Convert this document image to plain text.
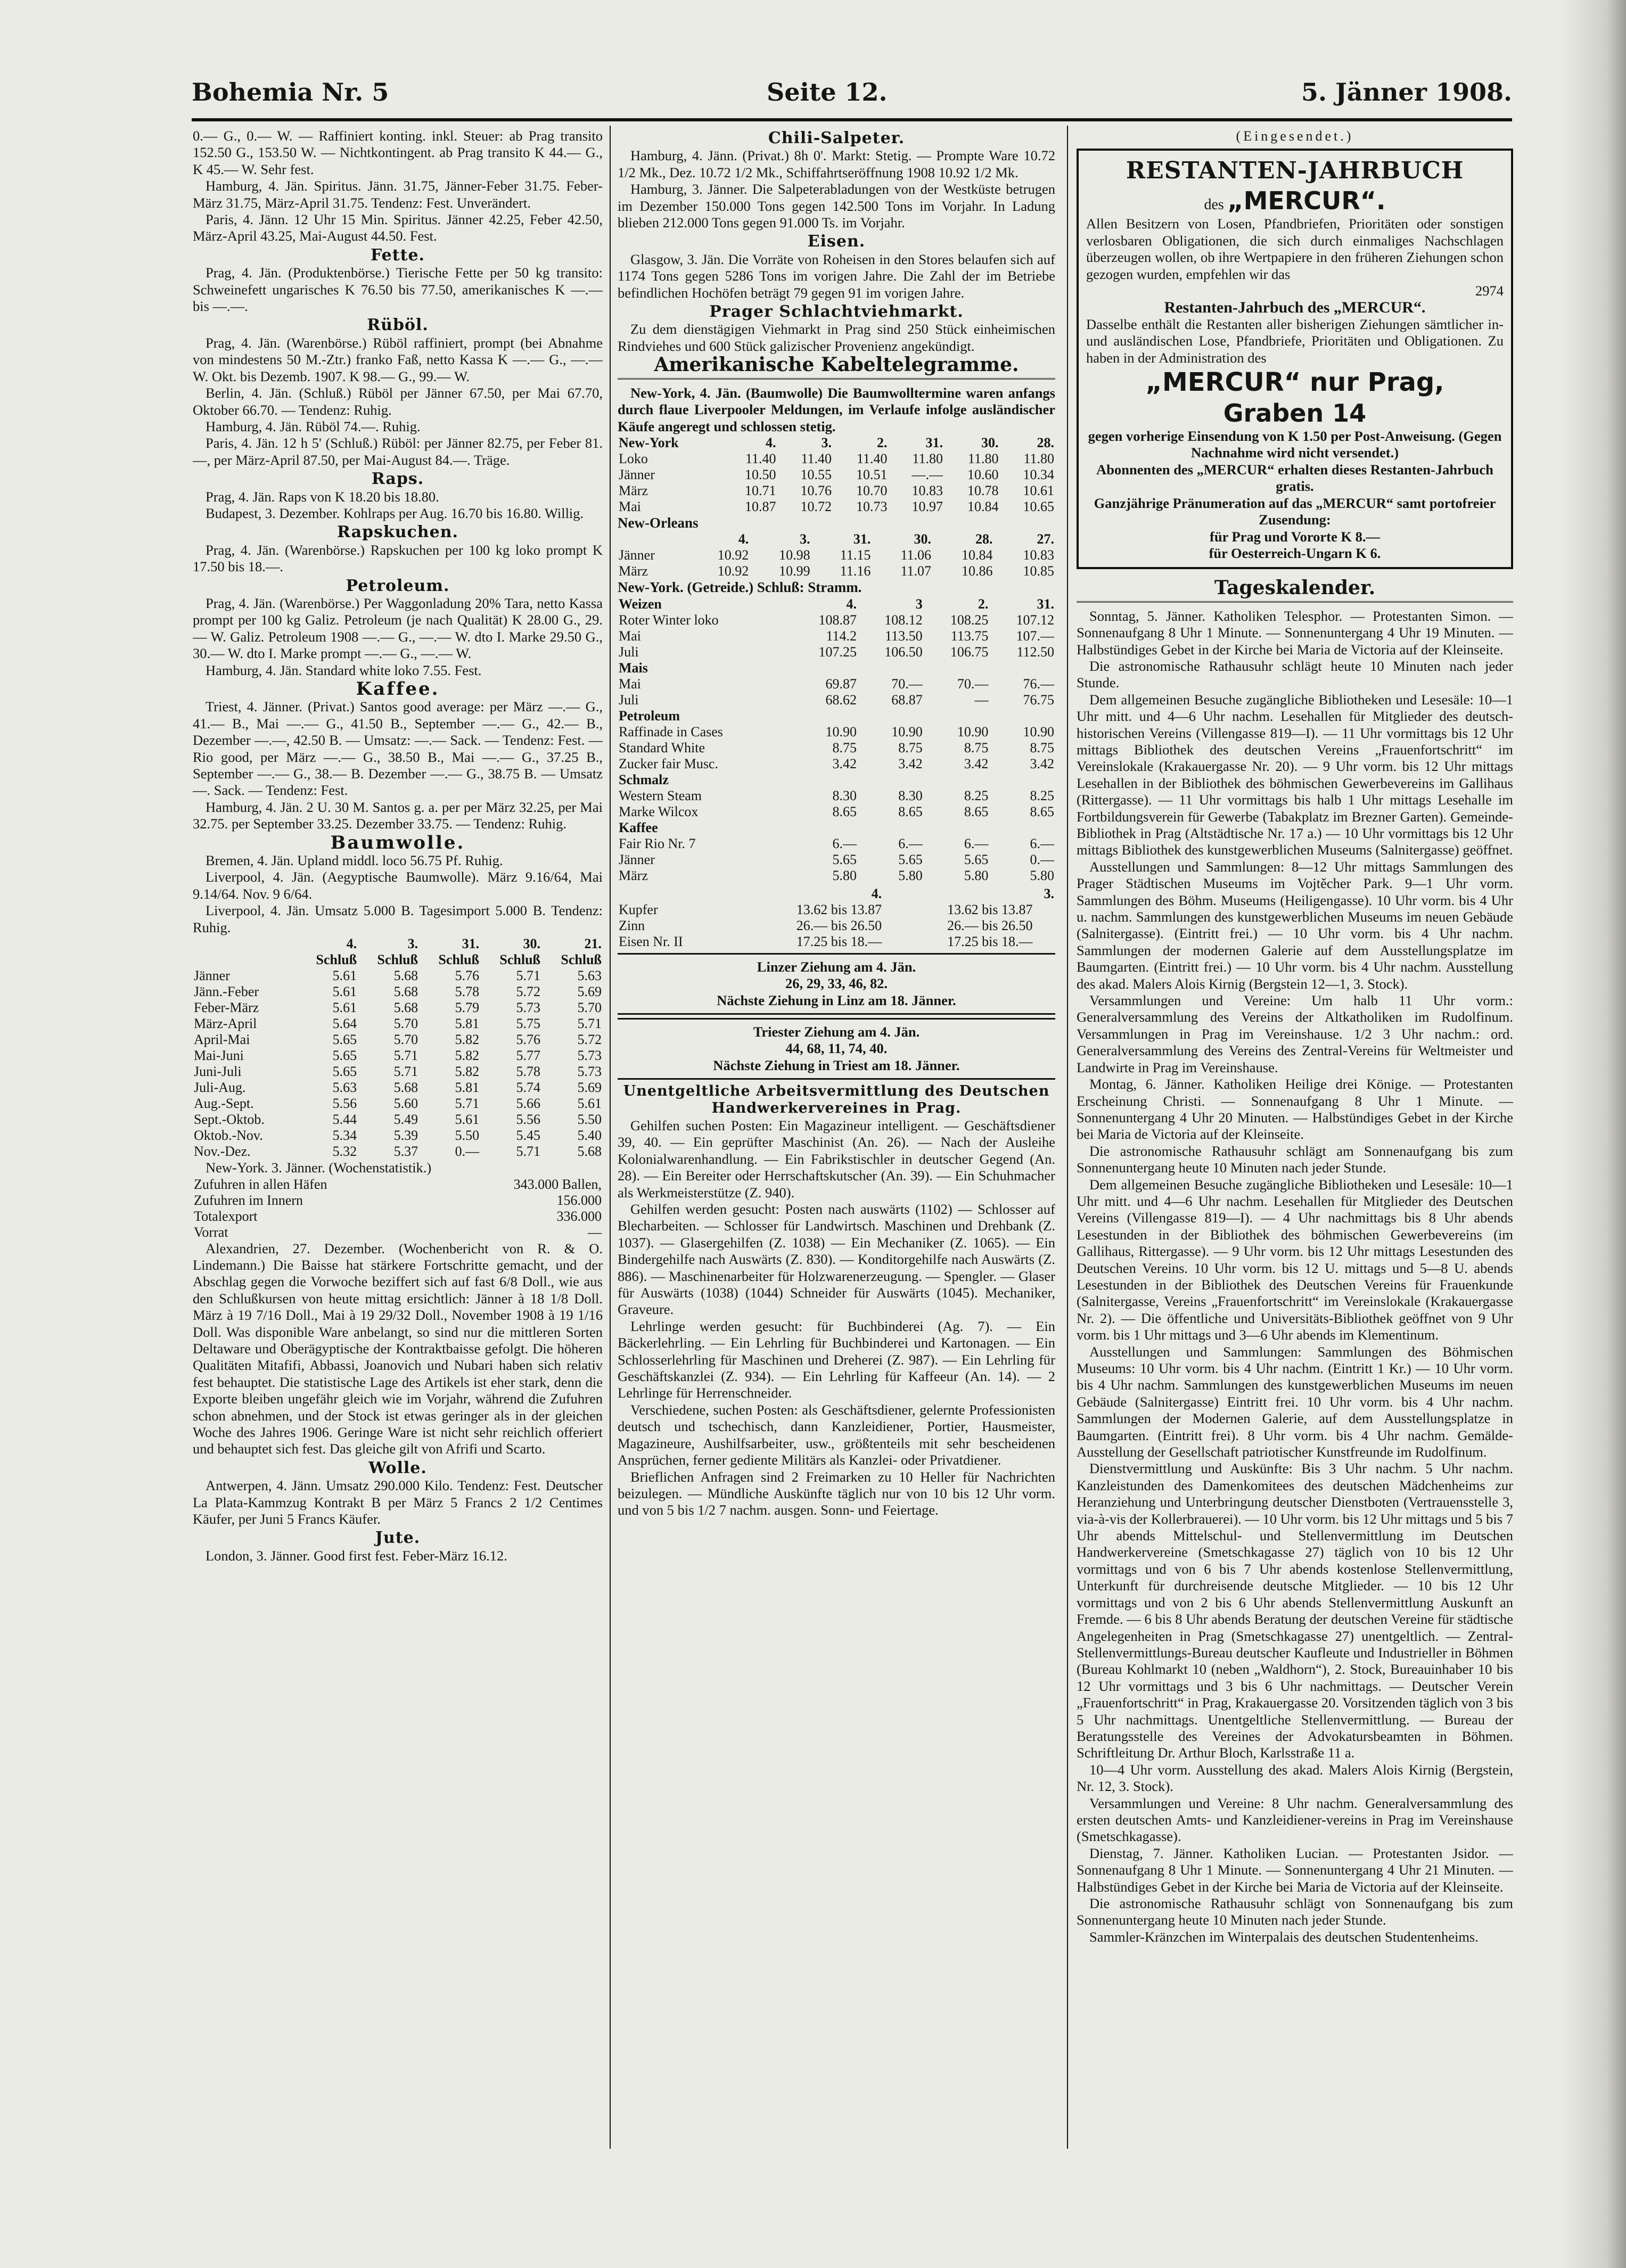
Bohemia Nr. 5	Seite 12.	5. Jänner 1908.

0.— G., 0.— W. — Raffiniert konting. inkl. Steuer: ab Prag transito 152.50 G., 153.50 W. — Nichtkontingent. ab Prag transito K 44.— G., K 45.— W. Sehr fest.

Hamburg, 4. Jän. Spiritus. Jänn. 31.75, Jänner-Feber 31.75. Feber-März 31.75, März-April 31.75. Tendenz: Fest. Unverändert.

Paris, 4. Jänn. 12 Uhr 15 Min. Spiritus. Jänner 42.25, Feber 42.50, März-April 43.25, Mai-August 44.50. Fest.

Fette.

Prag, 4. Jän. (Produktenbörse.) Tierische Fette per 50 kg transito: Schweinefett ungarisches K 76.50 bis 77.50, amerikanisches K —.— bis —.—.

Rüböl.

Prag, 4. Jän. (Warenbörse.) Rüböl raffiniert, prompt (bei Abnahme von mindestens 50 M.-Ztr.) franko Faß, netto Kassa K —.— G., —.— W. Okt. bis Dezemb. 1907. K 98.— G., 99.— W.

Berlin, 4. Jän. (Schluß.) Rüböl per Jänner 67.50, per Mai 67.70, Oktober 66.70. — Tendenz: Ruhig.

Hamburg, 4. Jän. Rüböl 74.—. Ruhig.

Paris, 4. Jän. 12 h 5' (Schluß.) Rüböl: per Jänner 82.75, per Feber 81.—, per März-April 87.50, per Mai-August 84.—. Träge.

Raps.

Prag, 4. Jän. Raps von K 18.20 bis 18.80.

Budapest, 3. Dezember. Kohlraps per Aug. 16.70 bis 16.80. Willig.

Rapskuchen.

Prag, 4. Jän. (Warenbörse.) Rapskuchen per 100 kg loko prompt K 17.50 bis 18.—.

Petroleum.

Prag, 4. Jän. (Warenbörse.) Per Waggonladung 20% Tara, netto Kassa prompt per 100 kg Galiz. Petroleum (je nach Qualität) K 28.00 G., 29.— W. Galiz. Petroleum 1908 —.— G., —.— W. dto I. Marke 29.50 G., 30.— W. dto I. Marke prompt —.— G., —.— W.

Hamburg, 4. Jän. Standard white loko 7.55. Fest.

Kaffee.

Triest, 4. Jänner. (Privat.) Santos good average: per März —.— G., 41.— B., Mai —.— G., 41.50 B., September —.— G., 42.— B., Dezember —.—, 42.50 B. — Umsatz: —.— Sack. — Tendenz: Fest. — Rio good, per März —.— G., 38.50 B., Mai —.— G., 37.25 B., September —.— G., 38.— B. Dezember —.— G., 38.75 B. — Umsatz —. Sack. — Tendenz: Fest.

Hamburg, 4. Jän. 2 U. 30 M. Santos g. a. per per März 32.25, per Mai 32.75. per September 33.25. Dezember 33.75. — Tendenz: Ruhig.

Baumwolle.

Bremen, 4. Jän. Upland middl. loco 56.75 Pf. Ruhig.

Liverpool, 4. Jän. (Aegyptische Baumwolle). März 9.16/64, Mai 9.14/64. Nov. 9 6/64.

Liverpool, 4. Jän. Umsatz 5.000 B. Tagesimport 5.000 B. Tendenz: Ruhig.

	4.	3.	31.	30.	21.
	Schluß	Schluß	Schluß	Schluß	Schluß
Jänner	5.61	5.68	5.76	5.71	5.63
Jänn.-Feber	5.61	5.68	5.78	5.72	5.69
Feber-März	5.61	5.68	5.79	5.73	5.70
März-April	5.64	5.70	5.81	5.75	5.71
April-Mai	5.65	5.70	5.82	5.76	5.72
Mai-Juni	5.65	5.71	5.82	5.77	5.73
Juni-Juli	5.65	5.71	5.82	5.78	5.73
Juli-Aug.	5.63	5.68	5.81	5.74	5.69
Aug.-Sept.	5.56	5.60	5.71	5.66	5.61
Sept.-Oktob.	5.44	5.49	5.61	5.56	5.50
Oktob.-Nov.	5.34	5.39	5.50	5.45	5.40
Nov.-Dez.	5.32	5.37	0.—	5.71	5.68

New-York. 3. Jänner. (Wochenstatistik.)

Zufuhren in allen Häfen	343.000 Ballen,
Zufuhren im Innern	156.000
Totalexport	336.000
Vorrat	—

Alexandrien, 27. Dezember. (Wochenbericht von R. & O. Lindemann.) Die Baisse hat stärkere Fortschritte gemacht, und der Abschlag gegen die Vorwoche beziffert sich auf fast 6/8 Doll., wie aus den Schlußkursen von heute mittag ersichtlich: Jänner à 18 1/8 Doll. März à 19 7/16 Doll., Mai à 19 29/32 Doll., November 1908 à 19 1/16 Doll. Was disponible Ware anbelangt, so sind nur die mittleren Sorten Deltaware und Oberägyptische der Kontraktbaisse gefolgt. Die höheren Qualitäten Mitafifi, Abbassi, Joanovich und Nubari haben sich relativ fest behauptet. Die statistische Lage des Artikels ist eher stark, denn die Exporte bleiben ungefähr gleich wie im Vorjahr, während die Zufuhren schon abnehmen, und der Stock ist etwas geringer als in der gleichen Woche des Jahres 1906. Geringe Ware ist nicht sehr reichlich offeriert und behauptet sich fest. Das gleiche gilt von Afrifi und Scarto.

Wolle.

Antwerpen, 4. Jänn. Umsatz 290.000 Kilo. Tendenz: Fest. Deutscher La Plata-Kammzug Kontrakt B per März 5 Francs 2 1/2 Centimes Käufer, per Juni 5 Francs Käufer.

Jute.

London, 3. Jänner. Good first fest. Feber-März 16.12.

Chili-Salpeter.

Hamburg, 4. Jänn. (Privat.) 8h 0'. Markt: Stetig. — Prompte Ware 10.72 1/2 Mk., Dez. 10.72 1/2 Mk., Schiffahrtseröffnung 1908 10.92 1/2 Mk.

Hamburg, 3. Jänner. Die Salpeterabladungen von der Westküste betrugen im Dezember 150.000 Tons gegen 142.500 Tons im Vorjahr. In Ladung blieben 212.000 Tons gegen 91.000 Ts. im Vorjahr.

Eisen.

Glasgow, 3. Jän. Die Vorräte von Roheisen in den Stores belaufen sich auf 1174 Tons gegen 5286 Tons im vorigen Jahre. Die Zahl der im Betriebe befindlichen Hochöfen beträgt 79 gegen 91 im vorigen Jahre.

Prager Schlachtviehmarkt.

Zu dem dienstägigen Viehmarkt in Prag sind 250 Stück einheimischen Rindviehes und 600 Stück galizischer Provenienz angekündigt.

Amerikanische Kabeltelegramme.

New-York, 4. Jän. (Baumwolle) Die Baumwolltermine waren anfangs durch flaue Liverpooler Meldungen, im Verlaufe infolge ausländischer Käufe angeregt und schlossen stetig.

New-York	4.	3.	2.	31.	30.	28.
Loko	11.40	11.40	11.40	11.80	11.80	11.80
Jänner	10.50	10.55	10.51	—.—	10.60	10.34
März	10.71	10.76	10.70	10.83	10.78	10.61
Mai	10.87	10.72	10.73	10.97	10.84	10.65
New-Orleans
	4.	3.	31.	30.	28.	27.
Jänner	10.92	10.98	11.15	11.06	10.84	10.83
März	10.92	10.99	11.16	11.07	10.86	10.85
New-York. (Getreide.) Schluß: Stramm.
Weizen	4.	3	2.	31.
Roter Winter loko	108.87	108.12	108.25	107.12
Mai	114.2	113.50	113.75	107.—
Juli	107.25	106.50	106.75	112.50
Mais				
Mai	69.87	70.—	70.—	76.—
Juli	68.62	68.87	—	76.75
Petroleum				
Raffinade in Cases	10.90	10.90	10.90	10.90
Standard White	8.75	8.75	8.75	8.75
Zucker fair Musc.	3.42	3.42	3.42	3.42
Schmalz				
Western Steam	8.30	8.30	8.25	8.25
Marke Wilcox	8.65	8.65	8.65	8.65
Kaffee				
Fair Rio Nr. 7	6.—	6.—	6.—	6.—
Jänner	5.65	5.65	5.65	0.—
März	5.80	5.80	5.80	5.80
	4.		3.
Kupfer	13.62 bis 13.87	13.62 bis 13.87	
Zinn	26.— bis 26.50	26.— bis 26.50	
Eisen Nr. II	17.25 bis 18.—	17.25 bis 18.—	

Linzer Ziehung am 4. Jän.

26, 29, 33, 46, 82.

Nächste Ziehung in Linz am 18. Jänner.

Triester Ziehung am 4. Jän.

44, 68, 11, 74, 40.

Nächste Ziehung in Triest am 18. Jänner.

Unentgeltliche Arbeitsvermittlung des Deutschen Handwerkervereines in Prag.

Gehilfen suchen Posten: Ein Magazineur intelligent. — Geschäftsdiener 39, 40. — Ein geprüfter Maschinist (An. 26). — Nach der Ausleihe Kolonialwarenhandlung. — Ein Fabrikstischler in deutscher Gegend (An. 28). — Ein Bereiter oder Herrschaftskutscher (An. 39). — Ein Schuhmacher als Werkmeisterstütze (Z. 940).

Gehilfen werden gesucht: Posten nach auswärts (1102) — Schlosser auf Blecharbeiten. — Schlosser für Landwirtsch. Maschinen und Drehbank (Z. 1037). — Glasergehilfen (Z. 1038) — Ein Mechaniker (Z. 1065). — Ein Bindergehilfe nach Auswärts (Z. 830). — Konditorgehilfe nach Auswärts (Z. 886). — Maschinenarbeiter für Holzwarenerzeugung. — Spengler. — Glaser für Auswärts (1038) (1044) Schneider für Auswärts (1045). Mechaniker, Graveure.

Lehrlinge werden gesucht: für Buchbinderei (Ag. 7). — Ein Bäckerlehrling. — Ein Lehrling für Buchbinderei und Kartonagen. — Ein Schlosserlehrling für Maschinen und Dreherei (Z. 987). — Ein Lehrling für Geschäftskanzlei (Z. 934). — Ein Lehrling für Kaffeeur (An. 14). — 2 Lehrlinge für Herrenschneider.

Verschiedene, suchen Posten: als Geschäftsdiener, gelernte Professionisten deutsch und tschechisch, dann Kanzleidiener, Portier, Hausmeister, Magazineure, Aushilfsarbeiter, usw., größtenteils mit sehr bescheidenen Ansprüchen, ferner gediente Militärs als Kanzlei- oder Privatdiener.

Brieflichen Anfragen sind 2 Freimarken zu 10 Heller für Nachrichten beizulegen. — Mündliche Auskünfte täglich nur von 10 bis 12 Uhr vorm. und von 5 bis 1/2 7 nachm. ausgen. Sonn- und Feiertage.

(Eingesendet.)
RESTANTEN-JAHRBUCH

des „MERCUR“.

Allen Besitzern von Losen, Pfandbriefen, Prioritäten oder sonstigen verlosbaren Obligationen, die sich durch einmaliges Nachschlagen überzeugen wollen, ob ihre Wertpapiere in den früheren Ziehungen schon gezogen wurden, empfehlen wir das

2974

Restanten-Jahrbuch des „MERCUR“.

Dasselbe enthält die Restanten aller bisherigen Ziehungen sämtlicher in- und ausländischen Lose, Pfandbriefe, Prioritäten und Obligationen. Zu haben in der Administration des

„MERCUR“ nur Prag,
Graben 14

gegen vorherige Einsendung von K 1.50 per Post-Anweisung. (Gegen Nachnahme wird nicht versendet.)

Abonnenten des „MERCUR“ erhalten dieses Restanten-Jahrbuch gratis.

Ganzjährige Pränumeration auf das „MERCUR“ samt portofreier Zusendung:

für Prag und Vororte K 8.—

für Oesterreich-Ungarn K 6.

Tageskalender.

Sonntag, 5. Jänner. Katholiken Telesphor. — Protestanten Simon. — Sonnenaufgang 8 Uhr 1 Minute. — Sonnenuntergang 4 Uhr 19 Minuten. — Halbstündiges Gebet in der Kirche bei Maria de Victoria auf der Kleinseite.

Die astronomische Rathausuhr schlägt heute 10 Minuten nach jeder Stunde.

Dem allgemeinen Besuche zugängliche Bibliotheken und Lesesäle: 10—1 Uhr mitt. und 4—6 Uhr nachm. Lesehallen für Mitglieder des deutsch-historischen Vereins (Villengasse 819—I). — 11 Uhr vormittags bis 12 Uhr mittags Bibliothek des deutschen Vereins „Frauenfortschritt“ im Vereinslokale (Krakauergasse Nr. 20). — 9 Uhr vorm. bis 12 Uhr mittags Lesehallen in der Bibliothek des böhmischen Gewerbevereins im Gallihaus (Rittergasse). — 11 Uhr vormittags bis halb 1 Uhr mittags Lesehalle im Fortbildungsverein für Gewerbe (Tabakplatz im Brezner Garten). Gemeinde-Bibliothek in Prag (Altstädtische Nr. 17 a.) — 10 Uhr vormittags bis 12 Uhr mittags Bibliothek des kunstgewerblichen Museums (Salnitergasse) geöffnet.

Ausstellungen und Sammlungen: 8—12 Uhr mittags Sammlungen des Prager Städtischen Museums im Vojtěcher Park. 9—1 Uhr vorm. Sammlungen des Böhm. Museums (Heiligengasse). 10 Uhr vorm. bis 4 Uhr u. nachm. Sammlungen des kunstgewerblichen Museums im neuen Gebäude (Salnitergasse). (Eintritt frei.) — 10 Uhr vorm. bis 4 Uhr nachm. Sammlungen der modernen Galerie auf dem Ausstellungsplatze im Baumgarten. (Eintritt frei.) — 10 Uhr vorm. bis 4 Uhr nachm. Ausstellung des akad. Malers Alois Kirnig (Bergstein 12—1, 3. Stock).

Versammlungen und Vereine: Um halb 11 Uhr vorm.: Generalversammlung des Vereins der Altkatholiken im Rudolfinum. Versammlungen in Prag im Vereinshause. 1/2 3 Uhr nachm.: ord. Generalversammlung des Vereins des Zentral-Vereins für Weltmeister und Landwirte in Prag im Vereinshause.

Montag, 6. Jänner. Katholiken Heilige drei Könige. — Protestanten Erscheinung Christi. — Sonnenaufgang 8 Uhr 1 Minute. — Sonnenuntergang 4 Uhr 20 Minuten. — Halbstündiges Gebet in der Kirche bei Maria de Victoria auf der Kleinseite.

Die astronomische Rathausuhr schlägt am Sonnenaufgang bis zum Sonnenuntergang heute 10 Minuten nach jeder Stunde.

Dem allgemeinen Besuche zugängliche Bibliotheken und Lesesäle: 10—1 Uhr mitt. und 4—6 Uhr nachm. Lesehallen für Mitglieder des Deutschen Vereins (Villengasse 819—I). — 4 Uhr nachmittags bis 8 Uhr abends Lesestunden in der Bibliothek des böhmischen Gewerbevereins (im Gallihaus, Rittergasse). — 9 Uhr vorm. bis 12 Uhr mittags Lesestunden des Deutschen Vereins. 10 Uhr vorm. bis 12 U. mittags und 5—8 U. abends Lesestunden in der Bibliothek des Deutschen Vereins für Frauenkunde (Salnitergasse, Vereins „Frauenfortschritt“ im Vereinslokale (Krakauergasse Nr. 2). — Die öffentliche und Universitäts-Bibliothek geöffnet von 9 Uhr vorm. bis 1 Uhr mittags und 3—6 Uhr abends im Klementinum.

Ausstellungen und Sammlungen: Sammlungen des Böhmischen Museums: 10 Uhr vorm. bis 4 Uhr nachm. (Eintritt 1 Kr.) — 10 Uhr vorm. bis 4 Uhr nachm. Sammlungen des kunstgewerblichen Museums im neuen Gebäude (Salnitergasse) Eintritt frei. 10 Uhr vorm. bis 4 Uhr nachm. Sammlungen der Modernen Galerie, auf dem Ausstellungsplatze in Baumgarten. (Eintritt frei). 8 Uhr vorm. bis 4 Uhr nachm. Gemälde-Ausstellung der Gesellschaft patriotischer Kunstfreunde im Rudolfinum.

Dienstvermittlung und Auskünfte: Bis 3 Uhr nachm. 5 Uhr nachm. Kanzleistunden des Damenkomitees des deutschen Mädchenheims zur Heranziehung und Unterbringung deutscher Dienstboten (Vertrauensstelle 3, via-à-vis der Kollerbrauerei). — 10 Uhr vorm. bis 12 Uhr mittags und 5 bis 7 Uhr abends Mittelschul- und Stellenvermittlung im Deutschen Handwerkervereine (Smetschkagasse 27) täglich von 10 bis 12 Uhr vormittags und von 6 bis 7 Uhr abends kostenlose Stellenvermittlung, Unterkunft für durchreisende deutsche Mitglieder. — 10 bis 12 Uhr vormittags und von 2 bis 6 Uhr abends Stellenvermittlung Auskunft an Fremde. — 6 bis 8 Uhr abends Beratung der deutschen Vereine für städtische Angelegenheiten in Prag (Smetschkagasse 27) unentgeltlich. — Zentral-Stellenvermittlungs-Bureau deutscher Kaufleute und Industrieller in Böhmen (Bureau Kohlmarkt 10 (neben „Waldhorn“), 2. Stock, Bureauinhaber 10 bis 12 Uhr vormittags und 3 bis 6 Uhr nachmittags. — Deutscher Verein „Frauenfortschritt“ in Prag, Krakauergasse 20. Vorsitzenden täglich von 3 bis 5 Uhr nachmittags. Unentgeltliche Stellenvermittlung. — Bureau der Beratungsstelle des Vereines der Advokatursbeamten in Böhmen. Schriftleitung Dr. Arthur Bloch, Karlsstraße 11 a.

10—4 Uhr vorm. Ausstellung des akad. Malers Alois Kirnig (Bergstein, Nr. 12, 3. Stock).

Versammlungen und Vereine: 8 Uhr nachm. Generalversammlung des ersten deutschen Amts- und Kanzleidiener-vereins in Prag im Vereinshause (Smetschkagasse).

Dienstag, 7. Jänner. Katholiken Lucian. — Protestanten Jsidor. — Sonnenaufgang 8 Uhr 1 Minute. — Sonnenuntergang 4 Uhr 21 Minuten. — Halbstündiges Gebet in der Kirche bei Maria de Victoria auf der Kleinseite.

Die astronomische Rathausuhr schlägt von Sonnenaufgang bis zum Sonnenuntergang heute 10 Minuten nach jeder Stunde.

Sammler-Kränzchen im Winterpalais des deutschen Studentenheims.
